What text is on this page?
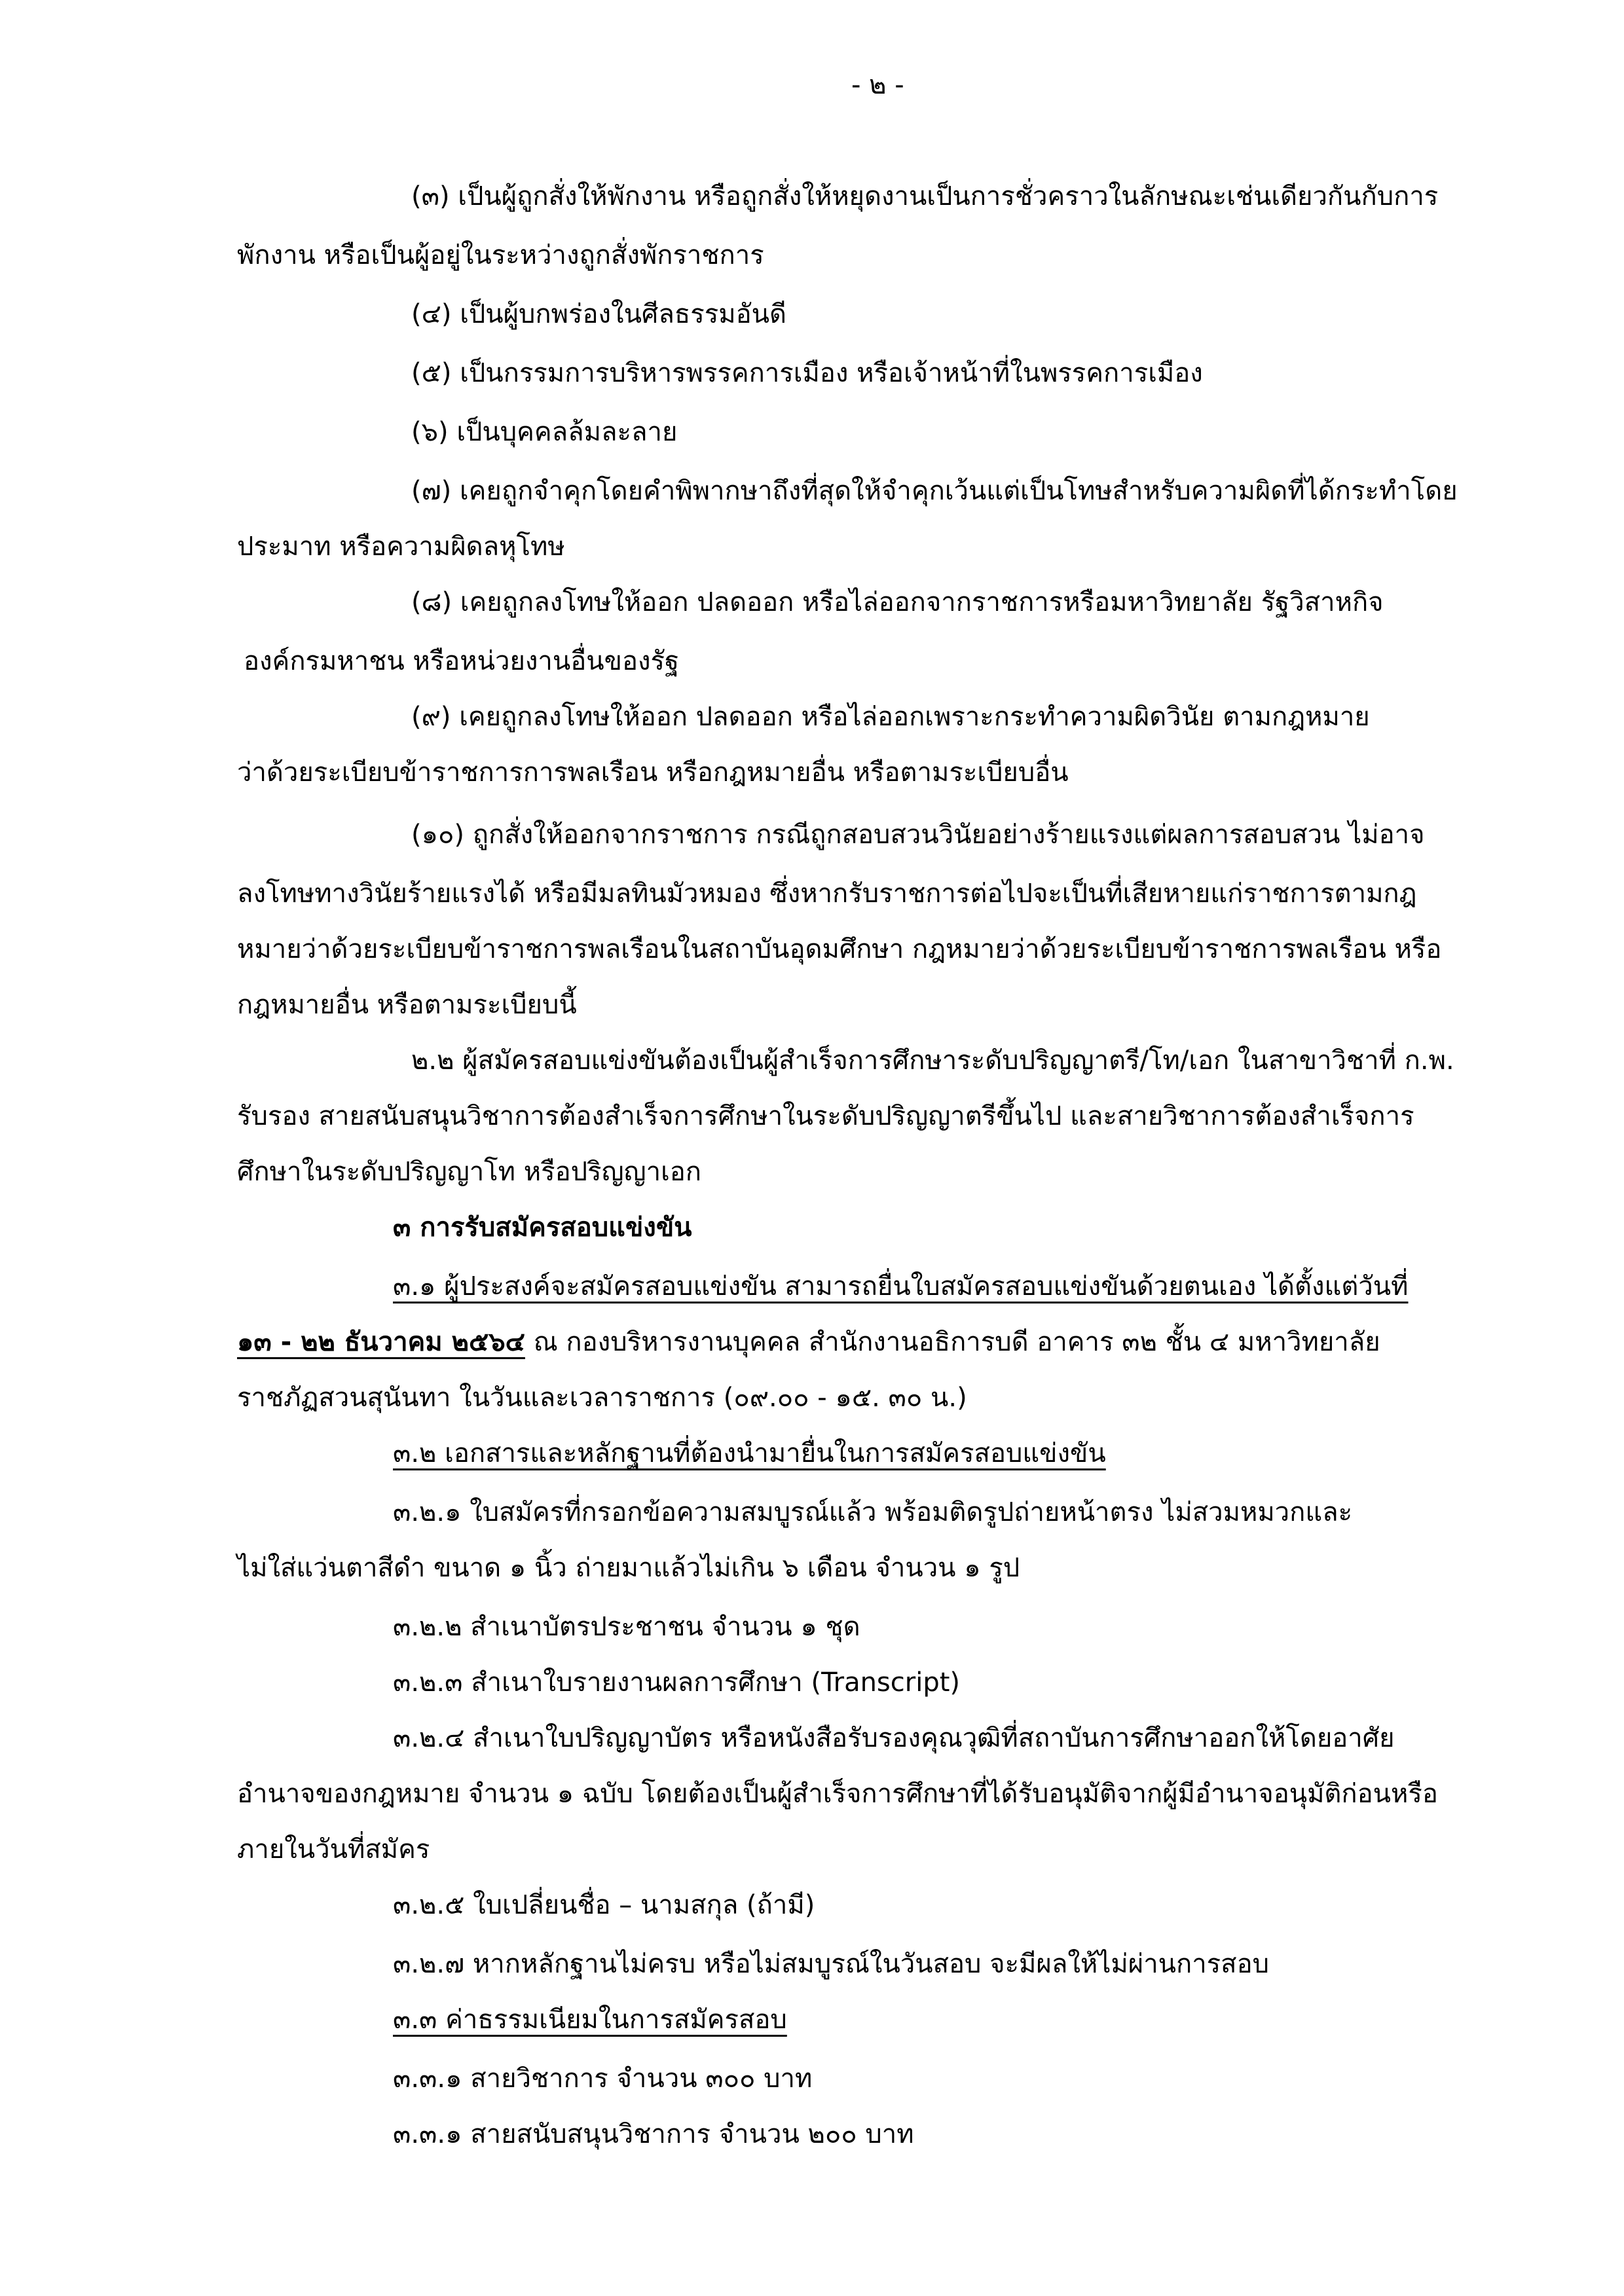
- ๒ -
(๓) เป็นผู้ถูกสั่งให้พักงาน หรือถูกสั่งให้หยุดงานเป็นการชั่วคราวในลักษณะเช่นเดียวกันกับการ
พักงาน หรือเป็นผู้อยู่ในระหว่างถูกสั่งพักราชการ
(๔) เป็นผู้บกพร่องในศีลธรรมอันดี
(๕) เป็นกรรมการบริหารพรรคการเมือง หรือเจ้าหน้าที่ในพรรคการเมือง
(๖) เป็นบุคคลล้มละลาย
(๗) เคยถูกจำคุกโดยคำพิพากษาถึงที่สุดให้จำคุกเว้นแต่เป็นโทษสำหรับความผิดที่ได้กระทำโดย
ประมาท หรือความผิดลหุโทษ
(๘) เคยถูกลงโทษให้ออก ปลดออก หรือไล่ออกจากราชการหรือมหาวิทยาลัย รัฐวิสาหกิจ
องค์กรมหาชน หรือหน่วยงานอื่นของรัฐ
(๙) เคยถูกลงโทษให้ออก ปลดออก หรือไล่ออกเพราะกระทำความผิดวินัย ตามกฎหมาย
ว่าด้วยระเบียบข้าราชการการพลเรือน หรือกฎหมายอื่น หรือตามระเบียบอื่น
(๑๐) ถูกสั่งให้ออกจากราชการ กรณีถูกสอบสวนวินัยอย่างร้ายแรงแต่ผลการสอบสวน ไม่อาจ
ลงโทษทางวินัยร้ายแรงได้ หรือมีมลทินมัวหมอง ซึ่งหากรับราชการต่อไปจะเป็นที่เสียหายแก่ราชการตามกฎ
หมายว่าด้วยระเบียบข้าราชการพลเรือนในสถาบันอุดมศึกษา กฎหมายว่าด้วยระเบียบข้าราชการพลเรือน หรือ
กฎหมายอื่น หรือตามระเบียบนี้
๒.๒ ผู้สมัครสอบแข่งขันต้องเป็นผู้สำเร็จการศึกษาระดับปริญญาตรี/โท/เอก ในสาขาวิชาที่ ก.พ.
รับรอง สายสนับสนุนวิชาการต้องสำเร็จการศึกษาในระดับปริญญาตรีขึ้นไป และสายวิชาการต้องสำเร็จการ
ศึกษาในระดับปริญญาโท หรือปริญญาเอก
๓ การรับสมัครสอบแข่งขัน
๓.๑ ผู้ประสงค์จะสมัครสอบแข่งขัน สามารถยื่นใบสมัครสอบแข่งขันด้วยตนเอง ได้ตั้งแต่วันที่
๑๓ - ๒๒ ธันวาคม ๒๕๖๔ ณ กองบริหารงานบุคคล สำนักงานอธิการบดี อาคาร ๓๒ ชั้น ๔ มหาวิทยาลัย
ราชภัฏสวนสุนันทา ในวันและเวลาราชการ (๐๙.๐๐ - ๑๕. ๓๐ น.)
๓.๒ เอกสารและหลักฐานที่ต้องนำมายื่นในการสมัครสอบแข่งขัน
๓.๒.๑ ใบสมัครที่กรอกข้อความสมบูรณ์แล้ว พร้อมติดรูปถ่ายหน้าตรง ไม่สวมหมวกและ
ไม่ใส่แว่นตาสีดำ ขนาด ๑ นิ้ว ถ่ายมาแล้วไม่เกิน ๖ เดือน จำนวน ๑ รูป
๓.๒.๒ สำเนาบัตรประชาชน จำนวน ๑ ชุด
๓.๒.๓ สำเนาใบรายงานผลการศึกษา (Transcript)
๓.๒.๔ สำเนาใบปริญญาบัตร หรือหนังสือรับรองคุณวุฒิที่สถาบันการศึกษาออกให้โดยอาศัย
อำนาจของกฎหมาย จำนวน ๑ ฉบับ โดยต้องเป็นผู้สำเร็จการศึกษาที่ได้รับอนุมัติจากผู้มีอำนาจอนุมัติก่อนหรือ
ภายในวันที่สมัคร
๓.๒.๕ ใบเปลี่ยนชื่อ – นามสกุล (ถ้ามี)
๓.๒.๗ หากหลักฐานไม่ครบ หรือไม่สมบูรณ์ในวันสอบ จะมีผลให้ไม่ผ่านการสอบ
๓.๓ ค่าธรรมเนียมในการสมัครสอบ
๓.๓.๑ สายวิชาการ จำนวน ๓๐๐ บาท
๓.๓.๑ สายสนับสนุนวิชาการ จำนวน ๒๐๐ บาท
